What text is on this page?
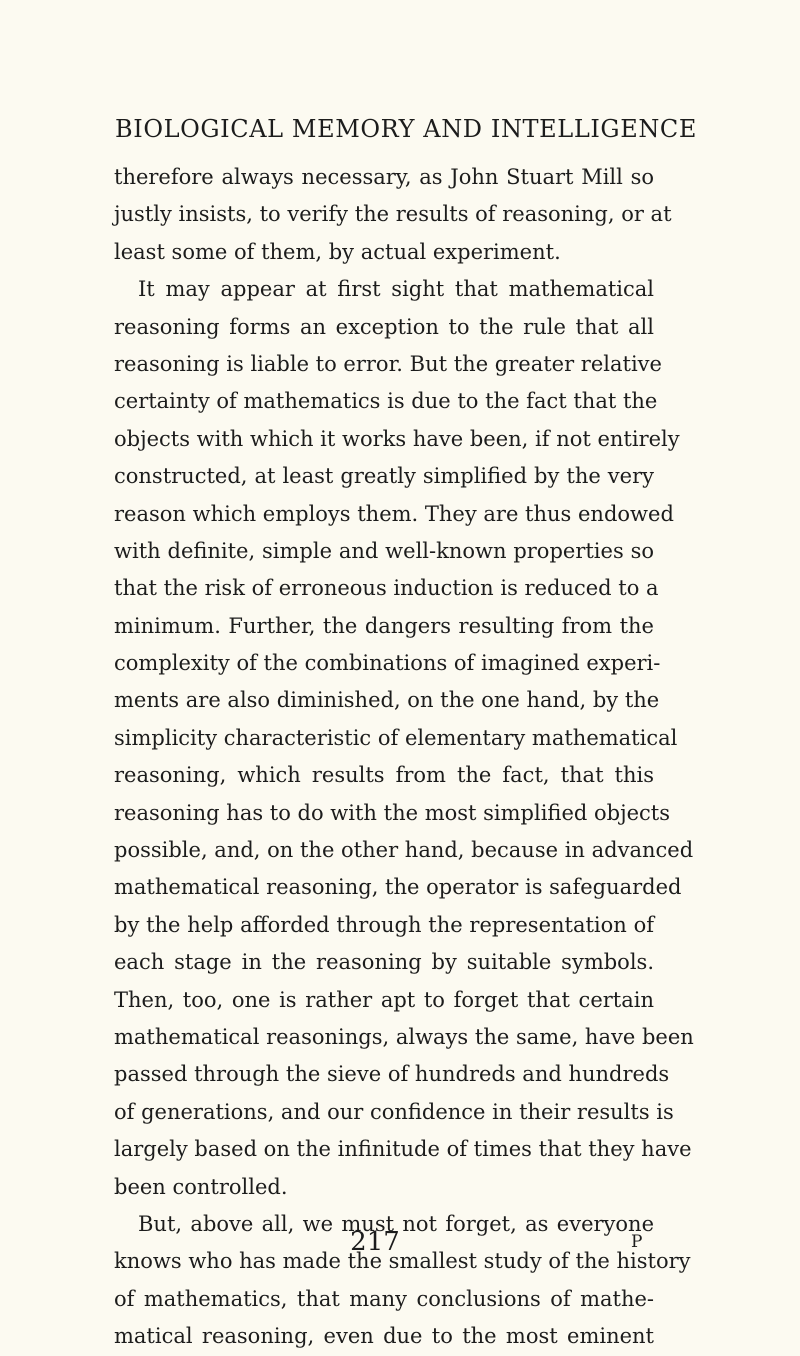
BIOLOGICAL MEMORY AND INTELLIGENCE
therefore always necessary, as John Stuart Mill so
justly insists, to verify the results of reasoning, or at
least some of them, by actual experiment.
It may appear at first sight that mathematical
reasoning forms an exception to the rule that all
reasoning is liable to error. But the greater relative
certainty of mathematics is due to the fact that the
objects with which it works have been, if not entirely
constructed, at least greatly simplified by the very
reason which employs them. They are thus endowed
with definite, simple and well-known properties so
that the risk of erroneous induction is reduced to a
minimum. Further, the dangers resulting from the
complexity of the combinations of imagined experi-
ments are also diminished, on the one hand, by the
simplicity characteristic of elementary mathematical
reasoning, which results from the fact, that this
reasoning has to do with the most simplified objects
possible, and, on the other hand, because in advanced
mathematical reasoning, the operator is safeguarded
by the help afforded through the representation of
each stage in the reasoning by suitable symbols.
Then, too, one is rather apt to forget that certain
mathematical reasonings, always the same, have been
passed through the sieve of hundreds and hundreds
of generations, and our confidence in their results is
largely based on the infinitude of times that they have
been controlled.
But, above all, we must not forget, as everyone
knows who has made the smallest study of the history
of mathematics, that many conclusions of mathe-
matical reasoning, even due to the most eminent
217	P
